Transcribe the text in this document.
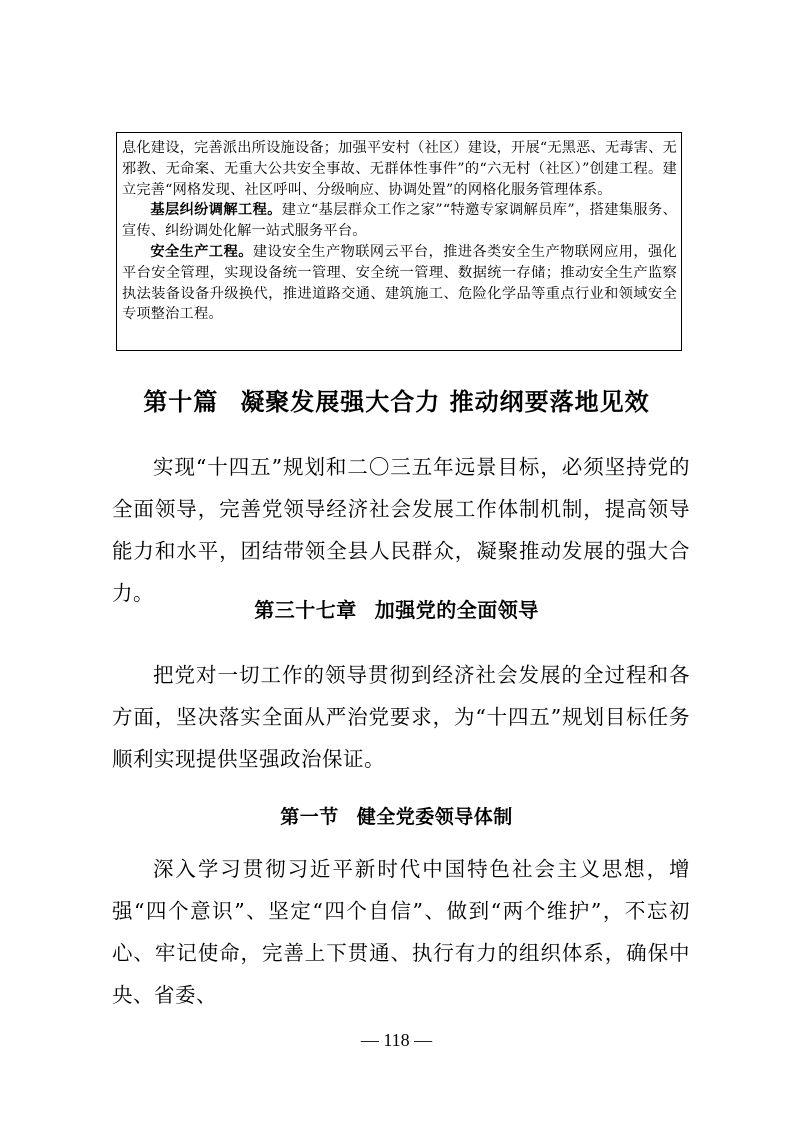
息化建设，完善派出所设施设备；加强平安村（社区）建设，开展“无黑恶、无毒害、无邪教、无命案、无重大公共安全事故、无群体性事件”的“六无村（社区）”创建工程。建立完善“网格发现、社区呼叫、分级响应、协调处置”的网格化服务管理体系。

基层纠纷调解工程。建立“基层群众工作之家”“特邀专家调解员库”，搭建集服务、宣传、纠纷调处化解一站式服务平台。

安全生产工程。建设安全生产物联网云平台，推进各类安全生产物联网应用，强化平台安全管理，实现设备统一管理、安全统一管理、数据统一存储；推动安全生产监察执法装备设备升级换代，推进道路交通、建筑施工、危险化学品等重点行业和领域安全专项整治工程。

第十篇 凝聚发展强大合力 推动纲要落地见效

实现“十四五”规划和二〇三五年远景目标，必须坚持党的全面领导，完善党领导经济社会发展工作体制机制，提高领导能力和水平，团结带领全县人民群众，凝聚推动发展的强大合力。

第三十七章 加强党的全面领导

把党对一切工作的领导贯彻到经济社会发展的全过程和各方面，坚决落实全面从严治党要求，为“十四五”规划目标任务顺利实现提供坚强政治保证。

第一节 健全党委领导体制

深入学习贯彻习近平新时代中国特色社会主义思想，增强“四个意识”、坚定“四个自信”、做到“两个维护”，不忘初心、牢记使命，完善上下贯通、执行有力的组织体系，确保中央、省委、

— 118 —
